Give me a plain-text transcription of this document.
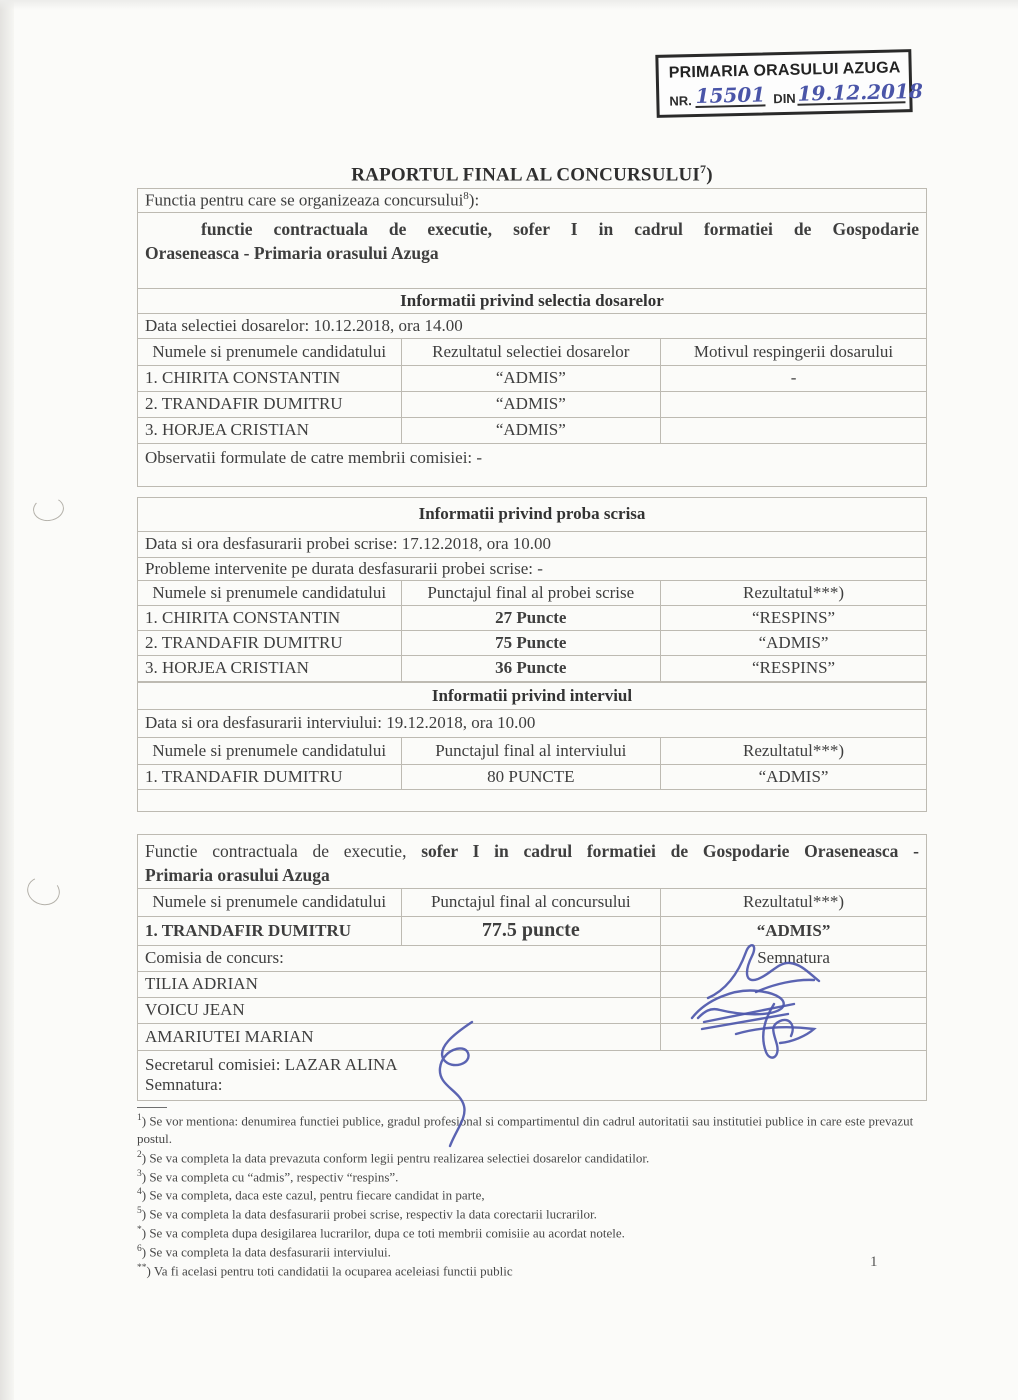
PRIMARIA ORASULUI AZUGA
NR. 15501 DIN 19.12.2018
RAPORTUL FINAL AL CONCURSULUI$^7$)
Functia pentru care se organizeaza concursului$^8$):		

functie contractuala de executie, sofer I in cadrul formatiei de Gospodarie
Oraseneasca - Primaria orasului Azuga		

Informatii privind selectia dosarelor		
Data selectiei dosarelor: 10.12.2018, ora 14.00		
Numele si prenumele candidatului	Rezultatul selectiei dosarelor	Motivul respingerii dosarului
1. CHIRITA CONSTANTIN	“ADMIS”	-
2. TRANDAFIR DUMITRU	“ADMIS”	
3. HORJEA CRISTIAN	“ADMIS”	
Observatii formulate de catre membrii comisiei: -		
Informatii privind proba scrisa		
Data si ora desfasurarii probei scrise: 17.12.2018, ora 10.00		
Probleme intervenite pe durata desfasurarii probei scrise: -		
Numele si prenumele candidatului	Punctajul final al probei scrise	Rezultatul***)
1. CHIRITA CONSTANTIN	27 Puncte	“RESPINS”
2. TRANDAFIR DUMITRU	75 Puncte	“ADMIS”
3. HORJEA CRISTIAN	36 Puncte	“RESPINS”
Informatii privind interviul		
Data si ora desfasurarii interviului: 19.12.2018, ora 10.00		
Numele si prenumele candidatului	Punctajul final al interviului	Rezultatul***)
1. TRANDAFIR DUMITRU	80 PUNCTE	“ADMIS”

Functie contractuala de executie, sofer I in cadrul formatiei de Gospodarie Oraseneasca -
Primaria orasului Azuga		

Numele si prenumele candidatului	Punctajul final al concursului	Rezultatul***)
1. TRANDAFIR DUMITRU	77.5 puncte	“ADMIS”
Comisia de concurs:		Semnatura
TILIA ADRIAN		
VOICU JEAN		
AMARIUTEI MARIAN		

Secretarul comisiei: LAZAR ALINA
Semnatura:		
$^1$) Se vor mentiona: denumirea functiei publice, gradul profesional si compartimentul din cadrul autoritatii sau institutiei publice in care este prevazut postul.
$^2$) Se va completa la data prevazuta conform legii pentru realizarea selectiei dosarelor candidatilor.
$^3$) Se va completa cu “admis”, respectiv “respins”.
$^4$) Se va completa, daca este cazul, pentru fiecare candidat in parte,
$^5$) Se va completa la data desfasurarii probei scrise, respectiv la data corectarii lucrarilor.
*) Se va completa dupa desigilarea lucrarilor, dupa ce toti membrii comisiie au acordat notele.
$^6$) Se va completa la data desfasurarii interviului.
**) Va fi acelasi pentru toti candidatii la ocuparea aceleiasi functii public
1
